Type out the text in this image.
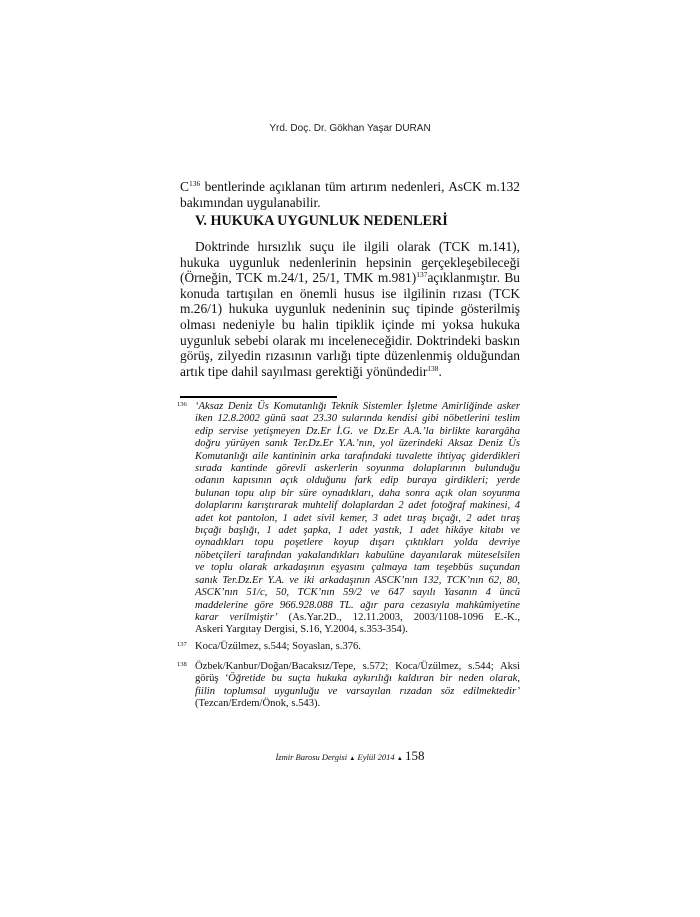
Yrd. Doç. Dr. Gökhan Yaşar DURAN
$C^{136}$ bentlerinde açıklanan tüm artırım nedenleri, AsCK m.132
bakımından uygulanabilir.
V. HUKUKA UYGUNLUK NEDENLERİ
Doktrinde hırsızlık suçu ile ilgili olarak (TCK m.141),
hukuka uygunluk nedenlerinin hepsinin gerçekleşebileceği
(Örneğin, TCK m.24/1, 25/1, TMK m.981)$^{137}$açıklanmıştır. Bu
konuda tartışılan en önemli husus ise ilgilinin rızası (TCK
m.26/1) hukuka uygunluk nedeninin suç tipinde gösterilmiş
olması nedeniyle bu halin tipiklik içinde mi yoksa hukuka
uygunluk sebebi olarak mı inceleneceğidir. Doktrindeki baskın
görüş, zilyedin rızasının varlığı tipte düzenlenmiş olduğundan
artık tipe dahil sayılması gerektiği yönündedir$^{138}$.
136 ‘Aksaz Deniz Üs Komutanlığı Teknik Sistemler İşletme Amirliğinde asker
iken 12.8.2002 günü saat 23.30 sularında kendisi gibi nöbetlerini teslim
edip servise yetişmeyen Dz.Er İ.G. ve Dz.Er A.A.’la birlikte karargâha
doğru yürüyen sanık Ter.Dz.Er Y.A.’nın, yol üzerindeki Aksaz Deniz Üs
Komutanlığı aile kantininin arka tarafındaki tuvalette ihtiyaç giderdikleri
sırada kantinde görevli askerlerin soyunma dolaplarının bulunduğu
odanın kapısının açık olduğunu fark edip buraya girdikleri; yerde
bulunan topu alıp bir süre oynadıkları, daha sonra açık olan soyunma
dolaplarını karıştırarak muhtelif dolaplardan 2 adet fotoğraf makinesi, 4
adet kot pantolon, 1 adet sivil kemer, 3 adet tıraş bıçağı, 2 adet tıraş
bıçağı başlığı, 1 adet şapka, 1 adet yastık, 1 adet hikâye kitabı ve
oynadıkları topu poşetlere koyup dışarı çıktıkları yolda devriye
nöbetçileri tarafından yakalandıkları kabulüne dayanılarak müteselsilen
ve toplu olarak arkadaşının eşyasını çalmaya tam teşebbüs suçundan
sanık Ter.Dz.Er Y.A. ve iki arkadaşının ASCK’nın 132, TCK’nın 62, 80,
ASCK’nın 51/c, 50, TCK’nın 59/2 ve 647 sayılı Yasanın 4 üncü
maddelerine göre 966.928.088 TL. ağır para cezasıyla mahkûmiyetine
karar verilmiştir’ (As.Yar.2D., 12.11.2003, 2003/1108-1096 E.-K.,
Askeri Yargıtay Dergisi, S.16, Y.2004, s.353-354).
137 Koca/Üzülmez, s.544; Soyaslan, s.376.
138 Özbek/Kanbur/Doğan/Bacaksız/Tepe, s.572; Koca/Üzülmez, s.544; Aksi
görüş ‘Öğretide bu suçta hukuka aykırılığı kaldıran bir neden olarak,
fiilin toplumsal uygunluğu ve varsayılan rızadan söz edilmektedir’
(Tezcan/Erdem/Önok, s.543).
İzmir Barosu Dergisi ▲ Eylül 2014 ▲ 158
